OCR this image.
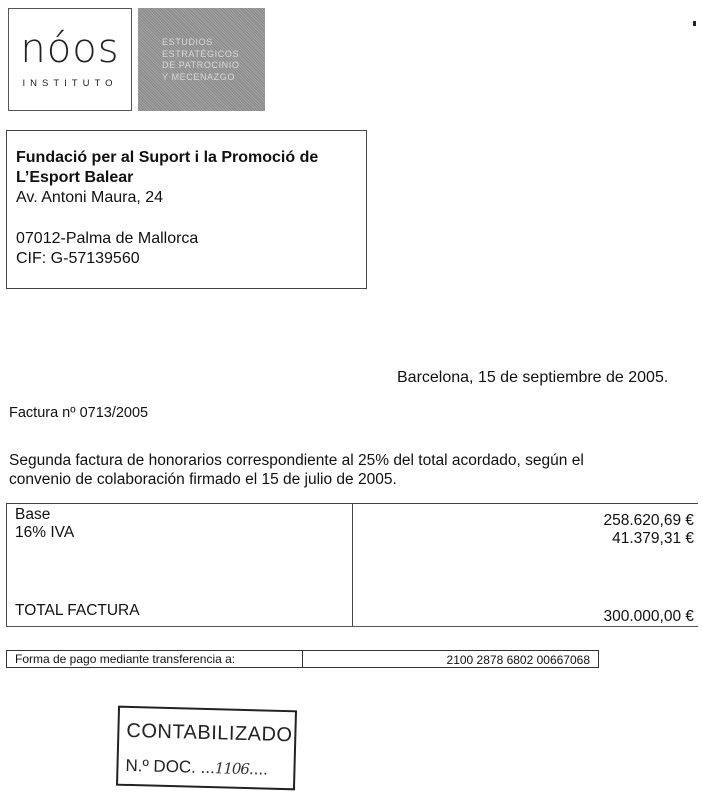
nóos
INSTITUTO
ESTUDIOS
ESTRATÉGICOS
DE PATROCINIO
Y MECENAZGO
Fundació per al Suport i la Promoció de
L’Esport Balear
Av. Antoni Maura, 24
07012-Palma de Mallorca
CIF: G-57139560
Barcelona, 15 de septiembre de 2005.
Factura nº 0713/2005
Segunda factura de honorarios correspondiente al 25% del total acordado, según el convenio de colaboración firmado el 15 de julio de 2005.
Base
16% IVA
TOTAL FACTURA
258.620,69 €
41.379,31 €
300.000,00 €
Forma de pago mediante transferencia a:	2100 2878 6802 00667068
CONTABILIZADO
N.º DOC. ...1106....
